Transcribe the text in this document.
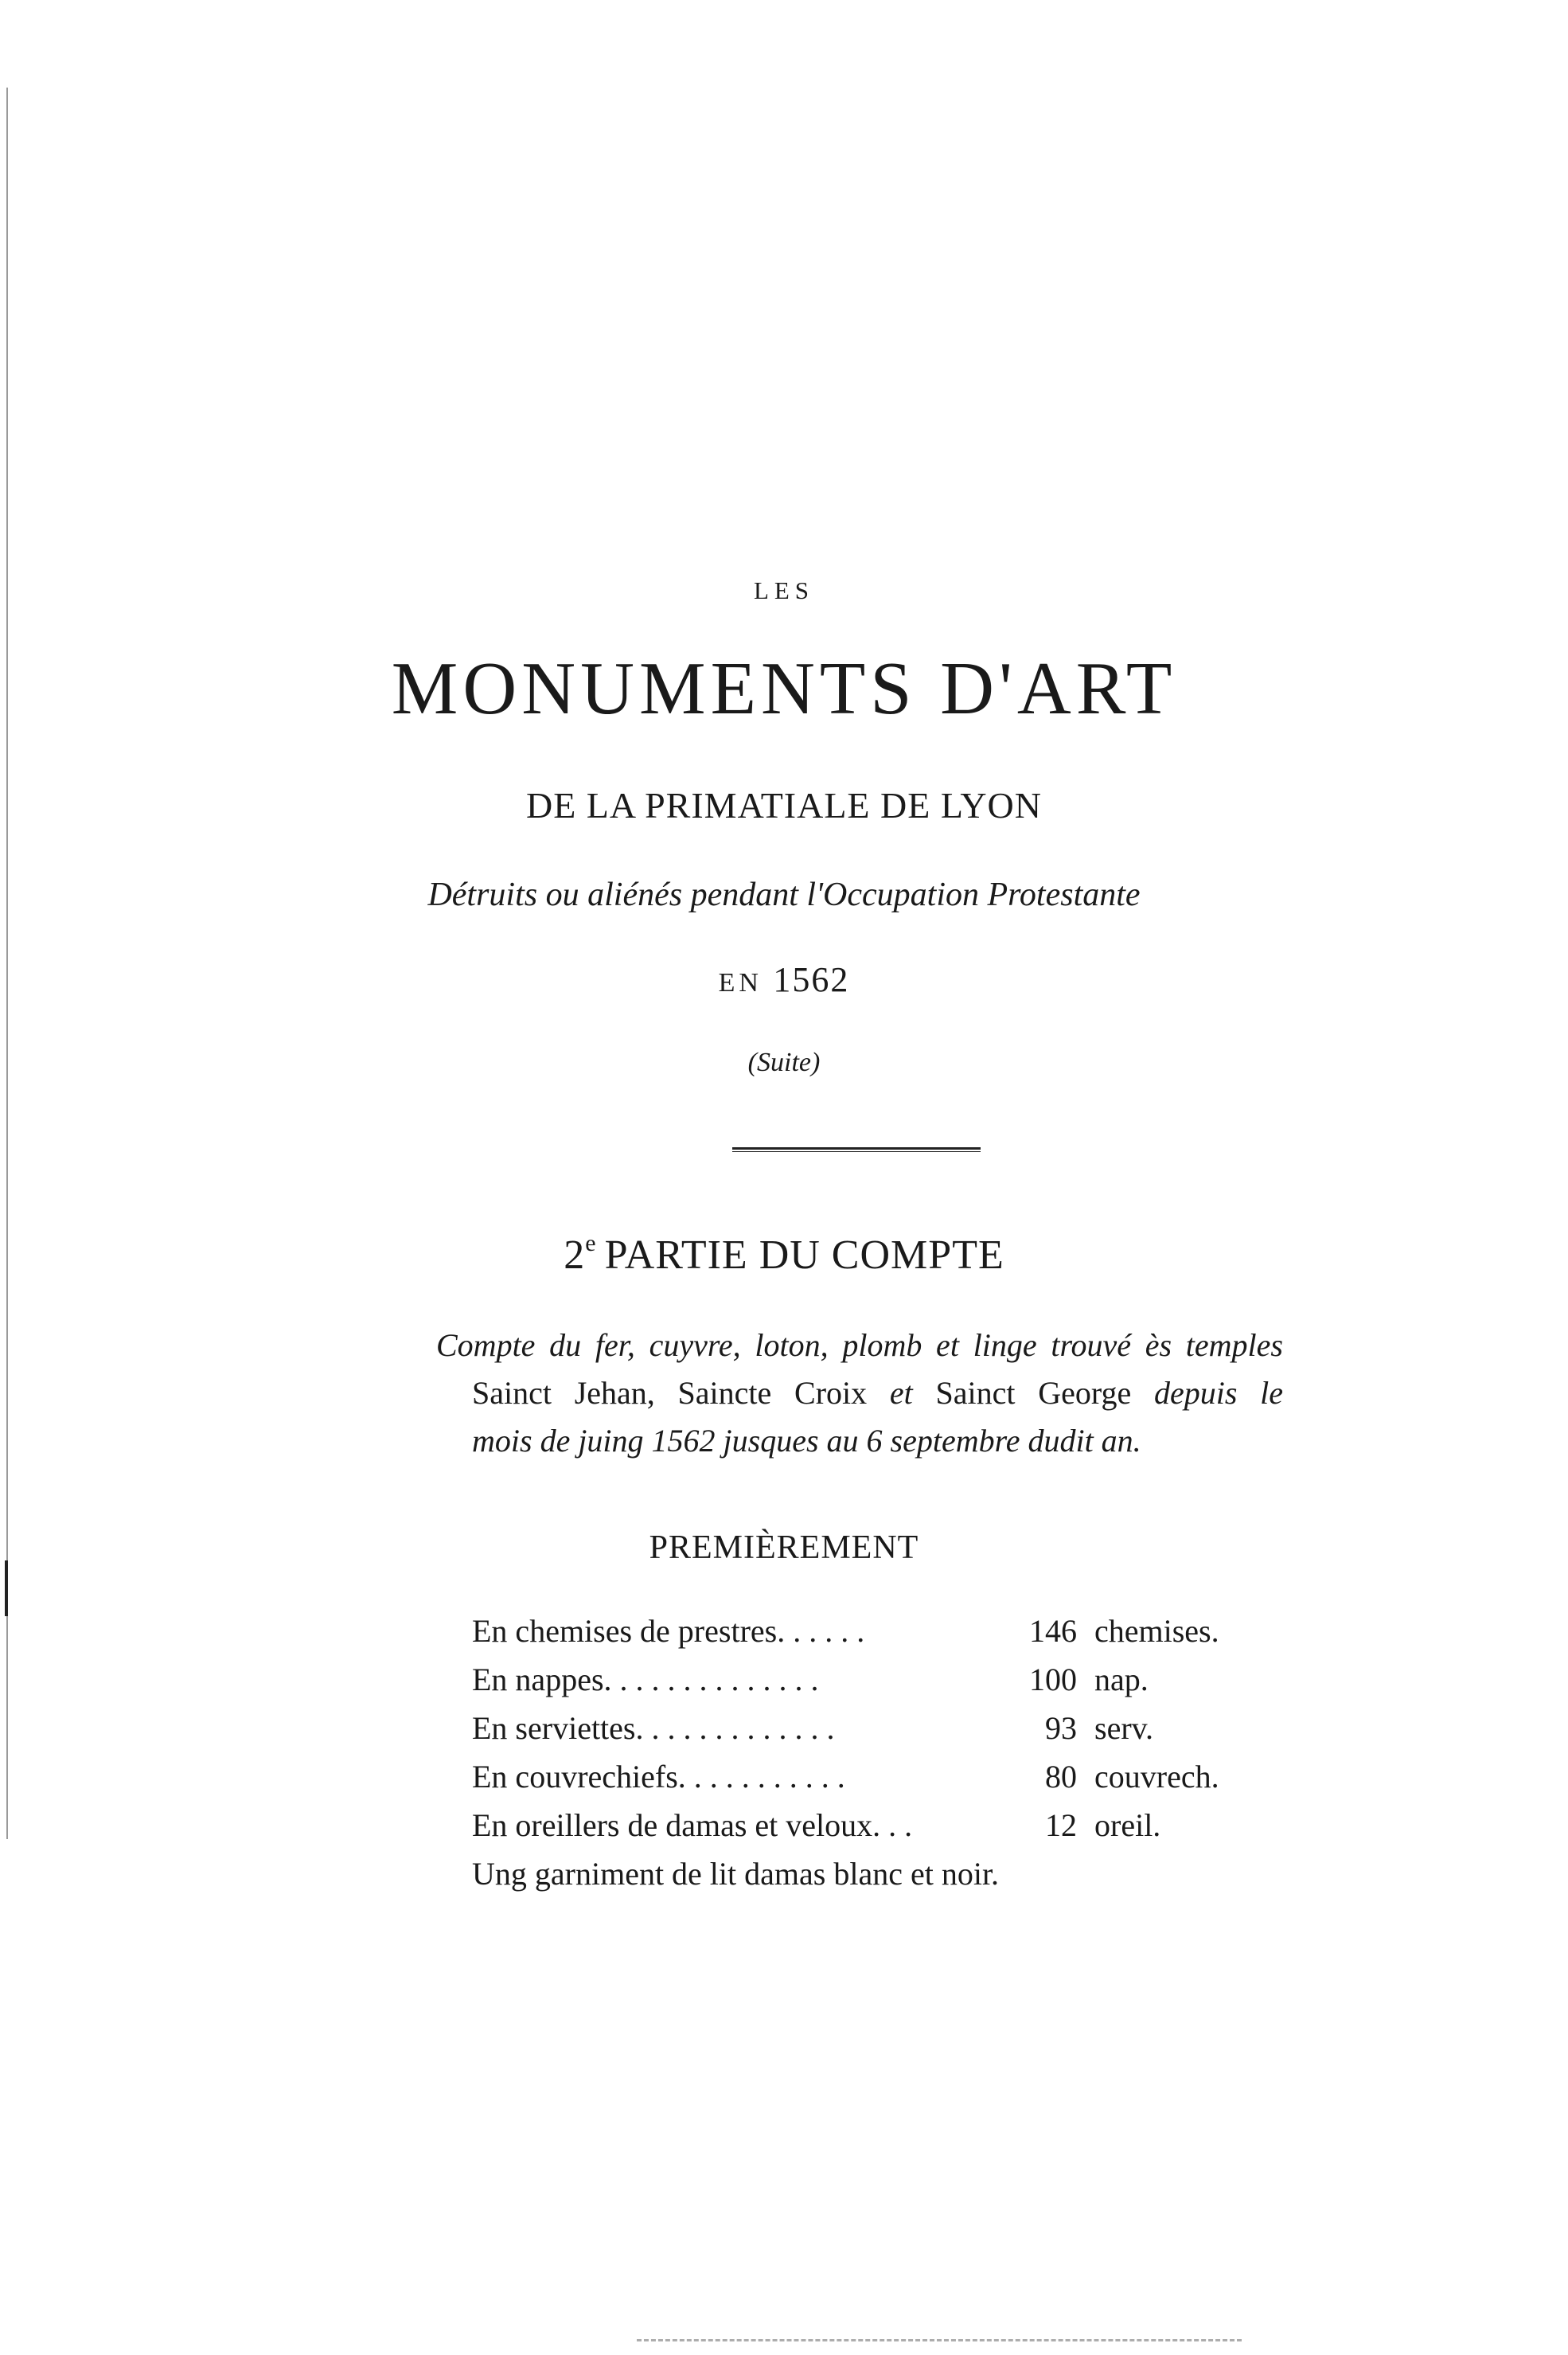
LES
MONUMENTS D'ART
DE LA PRIMATIALE DE LYON
Détruits ou aliénés pendant l'Occupation Protestante
EN 1562
(Suite)
2e PARTIE DU COMPTE
Compte du fer, cuyvre, loton, plomb et linge trouvé ès temples
Sainct Jehan, Saincte Croix et Sainct George depuis le
mois de juing 1562 jusques au 6 septembre dudit an.
PREMIÈREMENT
En chemises de prestres. . . . . .	146 chemises.
En nappes. . . . . . . . . . . . . .	100 nap.
En serviettes. . . . . . . . . . . . .	93 serv.
En couvrechiefs. . . . . . . . . . .	80 couvrech.
En oreillers de damas et veloux. . .	12 oreil.
Ung garniment de lit damas blanc et noir.
